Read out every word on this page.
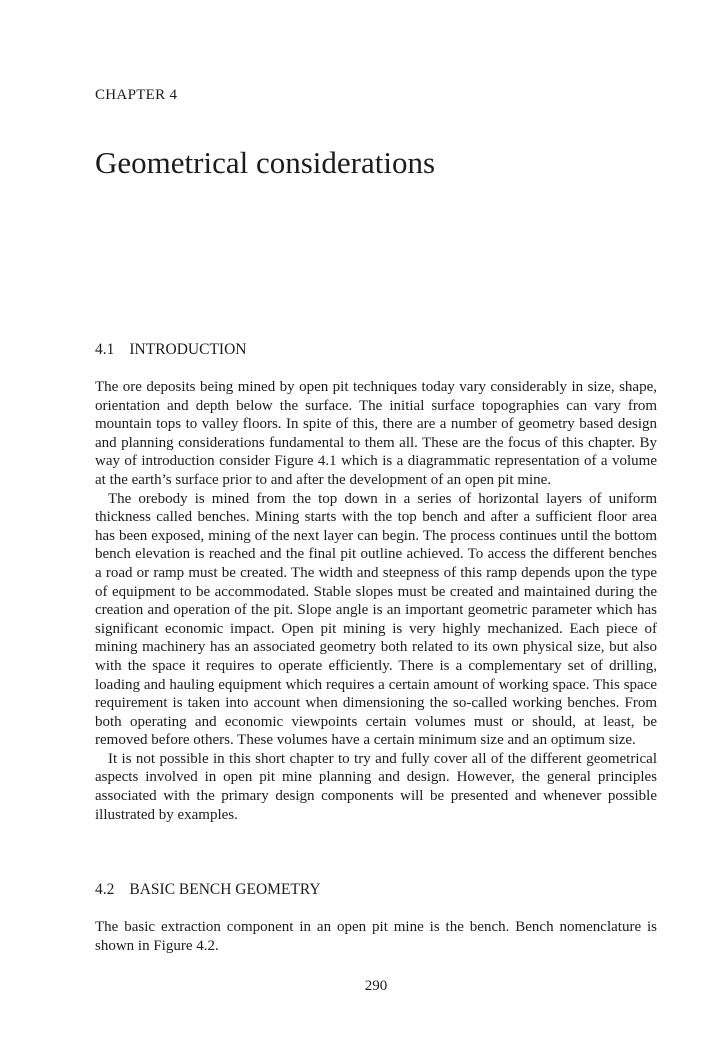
CHAPTER 4
Geometrical considerations
4.1 INTRODUCTION

The ore deposits being mined by open pit techniques today vary considerably in size, shape, orientation and depth below the surface. The initial surface topographies can vary from mountain tops to valley floors. In spite of this, there are a number of geometry based design and planning considerations fundamental to them all. These are the focus of this chapter. By way of introduction consider Figure 4.1 which is a diagrammatic representation of a volume at the earth’s surface prior to and after the development of an open pit mine.

The orebody is mined from the top down in a series of horizontal layers of uniform thickness called benches. Mining starts with the top bench and after a sufficient floor area has been exposed, mining of the next layer can begin. The process continues until the bottom bench elevation is reached and the final pit outline achieved. To access the different benches a road or ramp must be created. The width and steepness of this ramp depends upon the type of equipment to be accommodated. Stable slopes must be created and maintained during the creation and operation of the pit. Slope angle is an important geometric parameter which has significant economic impact. Open pit mining is very highly mechanized. Each piece of mining machinery has an associated geometry both related to its own physical size, but also with the space it requires to operate efficiently. There is a complementary set of drilling, loading and hauling equipment which requires a certain amount of working space. This space requirement is taken into account when dimensioning the so-called working benches. From both operating and economic viewpoints certain volumes must or should, at least, be removed before others. These volumes have a certain minimum size and an optimum size.

It is not possible in this short chapter to try and fully cover all of the different geometrical aspects involved in open pit mine planning and design. However, the general principles associated with the primary design components will be presented and whenever possible illustrated by examples.

4.2 BASIC BENCH GEOMETRY

The basic extraction component in an open pit mine is the bench. Bench nomenclature is shown in Figure 4.2.

290
